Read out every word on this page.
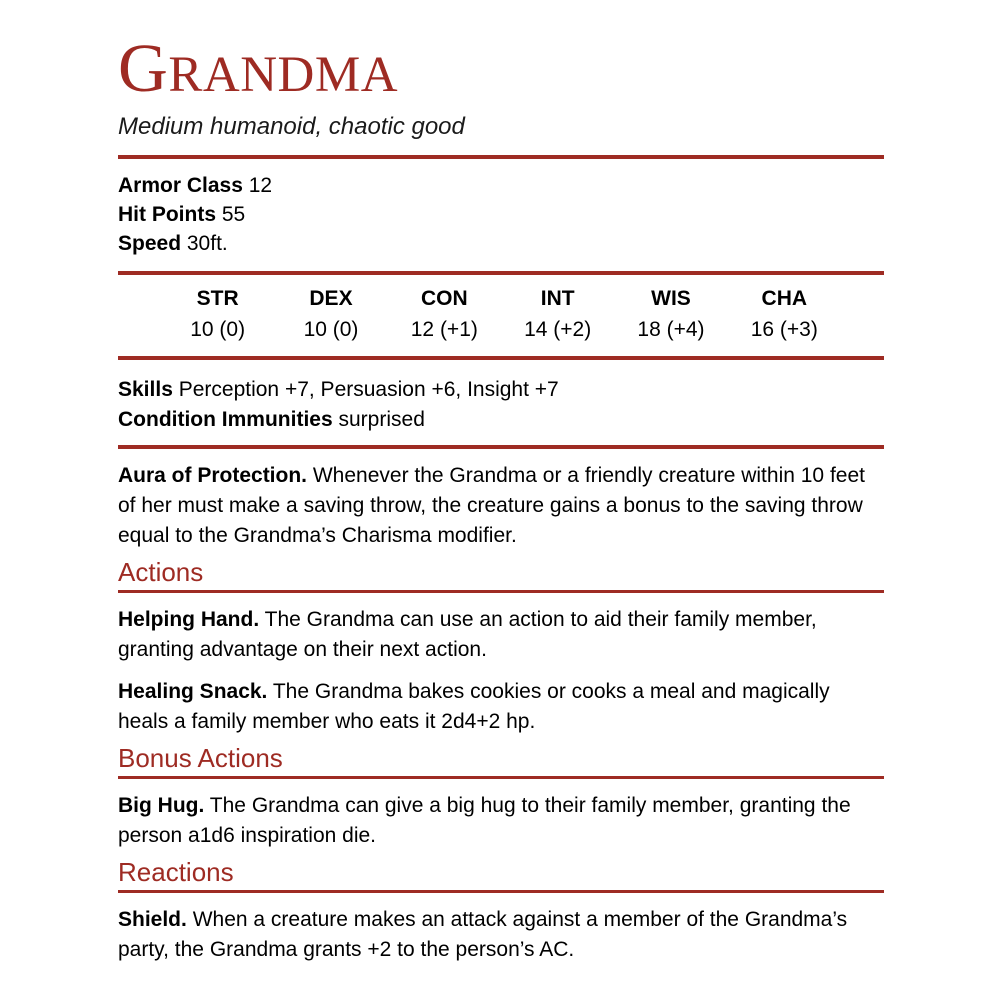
GRANDMA

Medium humanoid, chaotic good

Armor Class 12
Hit Points 55
Speed 30ft.
STR
10 (0)
DEX
10 (0)
CON
12 (+1)
INT
14 (+2)
WIS
18 (+4)
CHA
16 (+3)
Skills Perception +7, Persuasion +6, Insight +7
Condition Immunities surprised

Aura of Protection. Whenever the Grandma or a friendly creature within 10 feet of her must make a saving throw, the creature gains a bonus to the saving throw equal to the Grandma’s Charisma modifier.

Actions

Helping Hand. The Grandma can use an action to aid their family member, granting advantage on their next action.

Healing Snack. The Grandma bakes cookies or cooks a meal and magically heals a family member who eats it 2d4+2 hp.

Bonus Actions

Big Hug. The Grandma can give a big hug to their family member, granting the person a1d6 inspiration die.

Reactions

Shield. When a creature makes an attack against a member of the Grandma’s party, the Grandma grants +2 to the person’s AC.
